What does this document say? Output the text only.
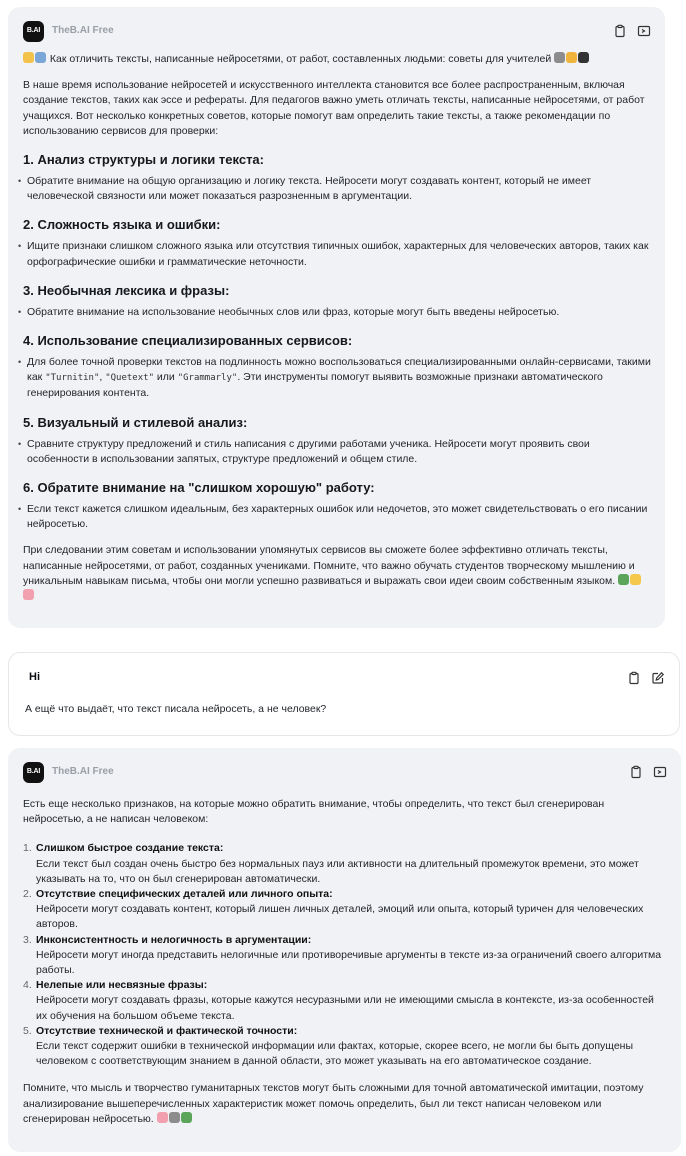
B.AI	TheB.AI Free

Как отличить тексты, написанные нейросетями, от работ, составленных людьми: советы для учителей

В наше время использование нейросетей и искусственного интеллекта становится все более распространенным, включая создание текстов, таких как эссе и рефераты. Для педагогов важно уметь отличать тексты, написанные нейросетями, от работ учащихся. Вот несколько конкретных советов, которые помогут вам определить такие тексты, а также рекомендации по использованию сервисов для проверки:

1. Анализ структуры и логики текста:
• Обратите внимание на общую организацию и логику текста. Нейросети могут создавать контент, который не имеет человеческой связности или может показаться разрозненным в аргументации.
2. Сложность языка и ошибки:
• Ищите признаки слишком сложного языка или отсутствия типичных ошибок, характерных для человеческих авторов, таких как орфографические ошибки и грамматические неточности.
3. Необычная лексика и фразы:
• Обратите внимание на использование необычных слов или фраз, которые могут быть введены нейросетью.
4. Использование специализированных сервисов:
• Для более точной проверки текстов на подлинность можно воспользоваться специализированными онлайн-сервисами, такими как "Turnitin", "Quetext" или "Grammarly". Эти инструменты помогут выявить возможные признаки автоматического генерирования контента.
5. Визуальный и стилевой анализ:
• Сравните структуру предложений и стиль написания с другими работами ученика. Нейросети могут проявить свои особенности в использовании запятых, структуре предложений и общем стиле.
6. Обратите внимание на "слишком хорошую" работу:
• Если текст кажется слишком идеальным, без характерных ошибок или недочетов, это может свидетельствовать о его писании нейросетью.

При следовании этим советам и использовании упомянутых сервисов вы сможете более эффективно отличать тексты, написанные нейросетями, от работ, созданных учениками. Помните, что важно обучать студентов творческому мышлению и уникальным навыкам письма, чтобы они могли успешно развиваться и выражать свои идеи своим собственным языком.

Hi

А ещё что выдаёт, что текст писала нейросеть, а не человек?

B.AI	TheB.AI Free

Есть еще несколько признаков, на которые можно обратить внимание, чтобы определить, что текст был сгенерирован нейросетью, а не написан человеком:

1. Слишком быстрое создание текста:
Если текст был создан очень быстро без нормальных пауз или активности на длительный промежуток времени, это может указывать на то, что он был сгенерирован автоматически.
2. Отсутствие специфических деталей или личного опыта:
Нейросети могут создавать контент, который лишен личных деталей, эмоций или опыта, который typичен для человеческих авторов.
3. Инконсистентность и нелогичность в аргументации:
Нейросети могут иногда представить нелогичные или противоречивые аргументы в тексте из-за ограничений своего алгоритма работы.
4. Нелепые или несвязные фразы:
Нейросети могут создавать фразы, которые кажутся несуразными или не имеющими смысла в контексте, из-за особенностей их обучения на большом объеме текста.
5. Отсутствие технической и фактической точности:
Если текст содержит ошибки в технической информации или фактах, которые, скорее всего, не могли бы быть допущены человеком с соответствующим знанием в данной области, это может указывать на его автоматическое создание.

Помните, что мысль и творчество гуманитарных текстов могут быть сложными для точной автоматической имитации, поэтому анализирование вышеперечисленных характеристик может помочь определить, был ли текст написан человеком или сгенерирован нейросетью.
